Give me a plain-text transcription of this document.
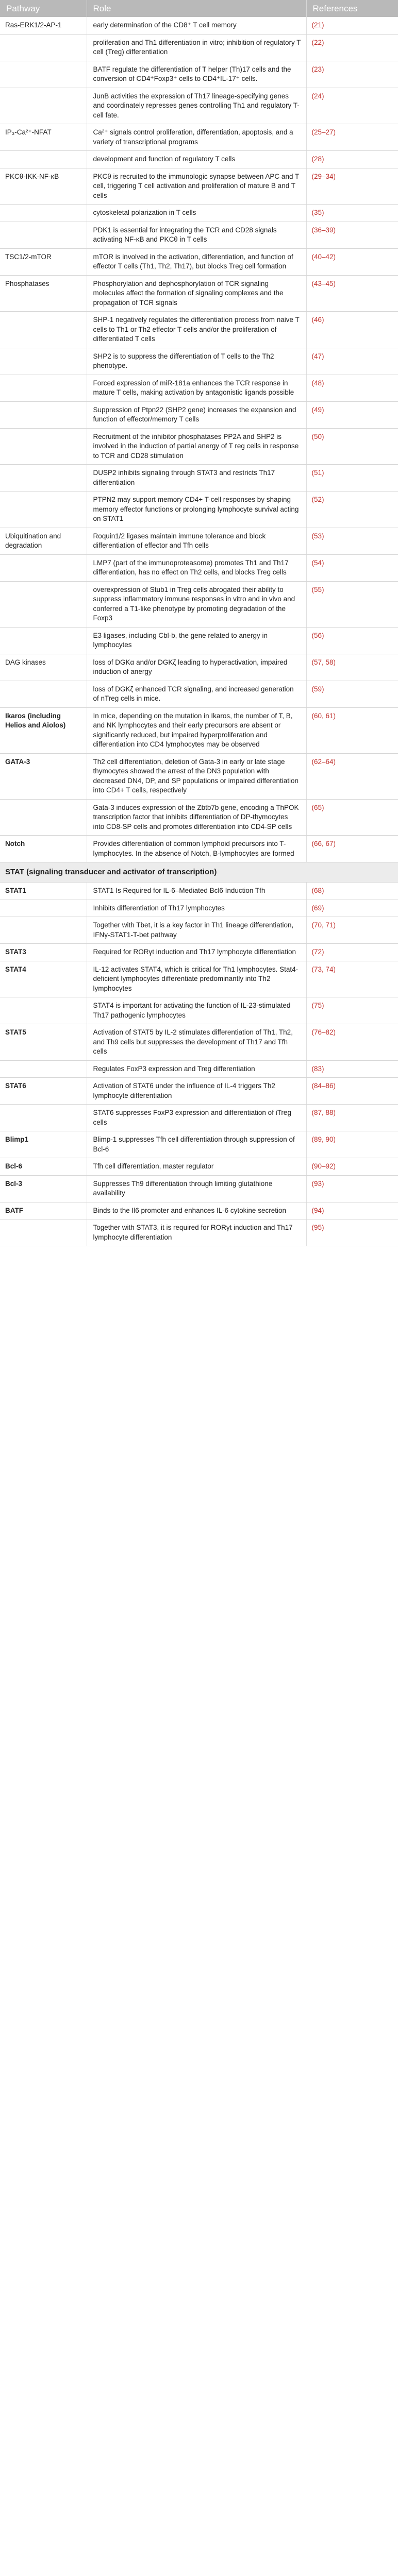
Pathway	Role	References
Ras-ERK1/2-AP-1	early determination of the CD8⁺ T cell memory	(21)
	proliferation and Th1 differentiation in vitro; inhibition of regulatory T cell (Treg) differentiation	(22)
	BATF regulate the differentiation of T helper (Th)17 cells and the conversion of CD4⁺Foxp3⁺ cells to CD4⁺IL-17⁺ cells.	(23)
	JunB activities the expression of Th17 lineage-specifying genes and coordinately represses genes controlling Th1 and regulatory T-cell fate.	(24)
IP₃-Ca²⁺-NFAT	Ca²⁺ signals control proliferation, differentiation, apoptosis, and a variety of transcriptional programs	(25–27)
	development and function of regulatory T cells	(28)
PKCθ-IKK-NF-κB	PKCθ is recruited to the immunologic synapse between APC and T cell, triggering T cell activation and proliferation of mature B and T cells	(29–34)
	cytoskeletal polarization in T cells	(35)
	PDK1 is essential for integrating the TCR and CD28 signals activating NF-κB and PKCθ in T cells	(36–39)
TSC1/2-mTOR	mTOR is involved in the activation, differentiation, and function of effector T cells (Th1, Th2, Th17), but blocks Treg cell formation	(40–42)
Phosphatases	Phosphorylation and dephosphorylation of TCR signaling molecules affect the formation of signaling complexes and the propagation of TCR signals	(43–45)
	SHP-1 negatively regulates the differentiation process from naive T cells to Th1 or Th2 effector T cells and/or the proliferation of differentiated T cells	(46)
	SHP2 is to suppress the differentiation of T cells to the Th2 phenotype.	(47)
	Forced expression of miR-181a enhances the TCR response in mature T cells, making activation by antagonistic ligands possible	(48)
	Suppression of Ptpn22 (SHP2 gene) increases the expansion and function of effector/memory T cells	(49)
	Recruitment of the inhibitor phosphatases PP2A and SHP2 is involved in the induction of partial anergy of T reg cells in response to TCR and CD28 stimulation	(50)
	DUSP2 inhibits signaling through STAT3 and restricts Th17 differentiation	(51)
	PTPN2 may support memory CD4+ T-cell responses by shaping memory effector functions or prolonging lymphocyte survival acting on STAT1	(52)
Ubiquitination and degradation	Roquin1/2 ligases maintain immune tolerance and block differentiation of effector and Tfh cells	(53)
	LMP7 (part of the immunoproteasome) promotes Th1 and Th17 differentiation, has no effect on Th2 cells, and blocks Treg cells	(54)
	overexpression of Stub1 in Treg cells abrogated their ability to suppress inflammatory immune responses in vitro and in vivo and conferred a T1-like phenotype by promoting degradation of the Foxp3	(55)
	E3 ligases, including Cbl-b, the gene related to anergy in lymphocytes	(56)
DAG kinases	loss of DGKα and/or DGKζ leading to hyperactivation, impaired induction of anergy	(57, 58)
	loss of DGKζ enhanced TCR signaling, and increased generation of nTreg cells in mice.	(59)
Ikaros (including Helios and Aiolos)	In mice, depending on the mutation in Ikaros, the number of T, B, and NK lymphocytes and their early precursors are absent or significantly reduced, but impaired hyperproliferation and differentiation into CD4 lymphocytes may be observed	(60, 61)
GATA-3	Th2 cell differentiation, deletion of Gata-3 in early or late stage thymocytes showed the arrest of the DN3 population with decreased DN4, DP, and SP populations or impaired differentiation into CD4+ T cells, respectively	(62–64)
	Gata-3 induces expression of the Zbtb7b gene, encoding a ThPOK transcription factor that inhibits differentiation of DP-thymocytes into CD8-SP cells and promotes differentiation into CD4-SP cells	(65)
Notch	Provides differentiation of common lymphoid precursors into T-lymphocytes. In the absence of Notch, B-lymphocytes are formed	(66, 67)
STAT (signaling transducer and activator of transcription)		
STAT1	STAT1 Is Required for IL-6–Mediated Bcl6 Induction Tfh	(68)
	Inhibits differentiation of Th17 lymphocytes	(69)
	Together with Tbet, it is a key factor in Th1 lineage differentiation, IFNγ-STAT1-T-bet pathway	(70, 71)
STAT3	Required for RORγt induction and Th17 lymphocyte differentiation	(72)
STAT4	IL-12 activates STAT4, which is critical for Th1 lymphocytes. Stat4-deficient lymphocytes differentiate predominantly into Th2 lymphocytes	(73, 74)
	STAT4 is important for activating the function of IL-23-stimulated Th17 pathogenic lymphocytes	(75)
STAT5	Activation of STAT5 by IL-2 stimulates differentiation of Th1, Th2, and Th9 cells but suppresses the development of Th17 and Tfh cells	(76–82)
	Regulates FoxP3 expression and Treg differentiation	(83)
STAT6	Activation of STAT6 under the influence of IL-4 triggers Th2 lymphocyte differentiation	(84–86)
	STAT6 suppresses FoxP3 expression and differentiation of iTreg cells	(87, 88)
Blimp1	Blimp-1 suppresses Tfh cell differentiation through suppression of Bcl-6	(89, 90)
Bcl-6	Tfh cell differentiation, master regulator	(90–92)
Bcl-3	Suppresses Th9 differentiation through limiting glutathione availability	(93)
BATF	Binds to the Il6 promoter and enhances IL-6 cytokine secretion	(94)
	Together with STAT3, it is required for RORγt induction and Th17 lymphocyte differentiation	(95)
